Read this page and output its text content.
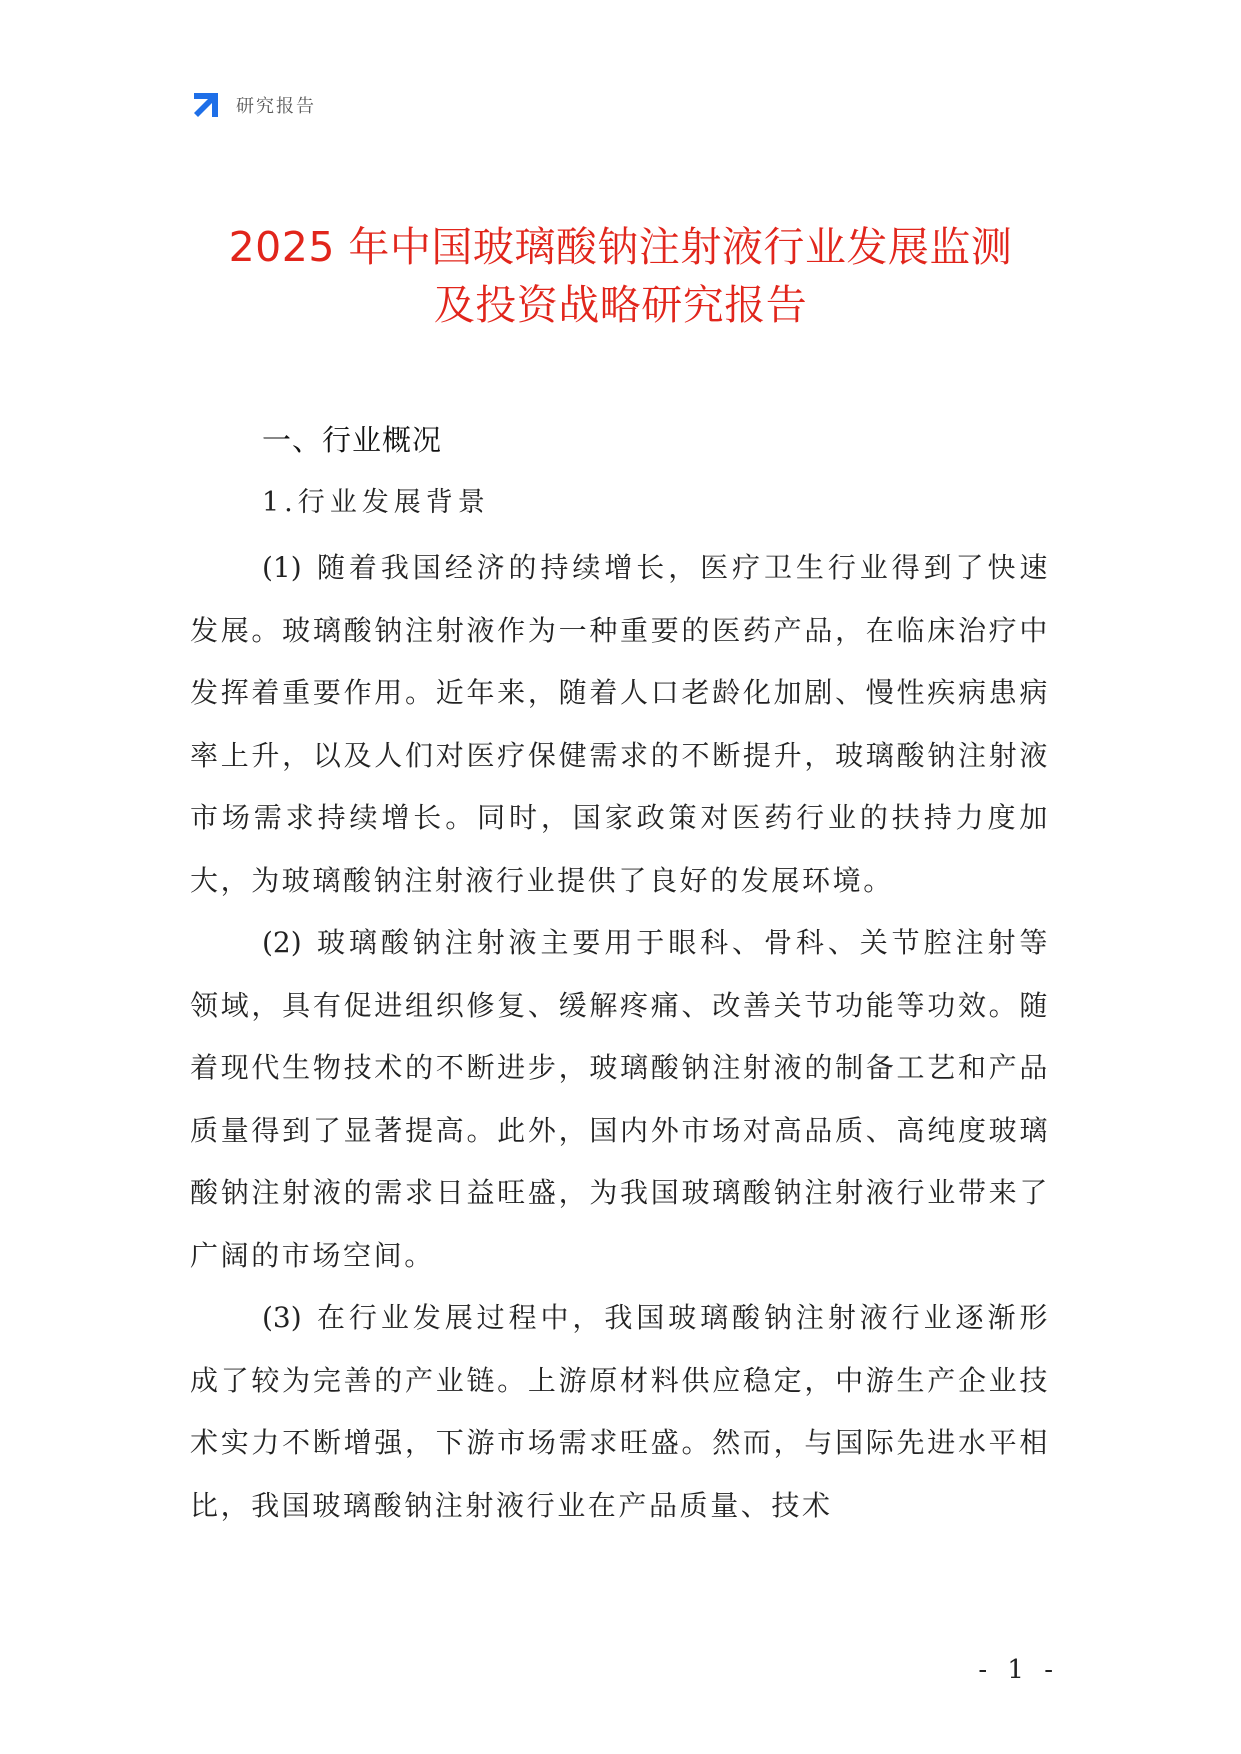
研究报告
2025 年中国玻璃酸钠注射液行业发展监测
及投资战略研究报告
一、行业概况
1.行业发展背景

(1) 随着我国经济的持续增长，医疗卫生行业得到了快速发展。玻璃酸钠注射液作为一种重要的医药产品，在临床治疗中发挥着重要作用。近年来，随着人口老龄化加剧、慢性疾病患病率上升，以及人们对医疗保健需求的不断提升，玻璃酸钠注射液市场需求持续增长。同时，国家政策对医药行业的扶持力度加大，为玻璃酸钠注射液行业提供了良好的发展环境。

(2) 玻璃酸钠注射液主要用于眼科、骨科、关节腔注射等领域，具有促进组织修复、缓解疼痛、改善关节功能等功效。随着现代生物技术的不断进步，玻璃酸钠注射液的制备工艺和产品质量得到了显著提高。此外，国内外市场对高品质、高纯度玻璃酸钠注射液的需求日益旺盛，为我国玻璃酸钠注射液行业带来了广阔的市场空间。

(3) 在行业发展过程中，我国玻璃酸钠注射液行业逐渐形成了较为完善的产业链。上游原材料供应稳定，中游生产企业技术实力不断增强，下游市场需求旺盛。然而，与国际先进水平相比，我国玻璃酸钠注射液行业在产品质量、技术

- 1 -
